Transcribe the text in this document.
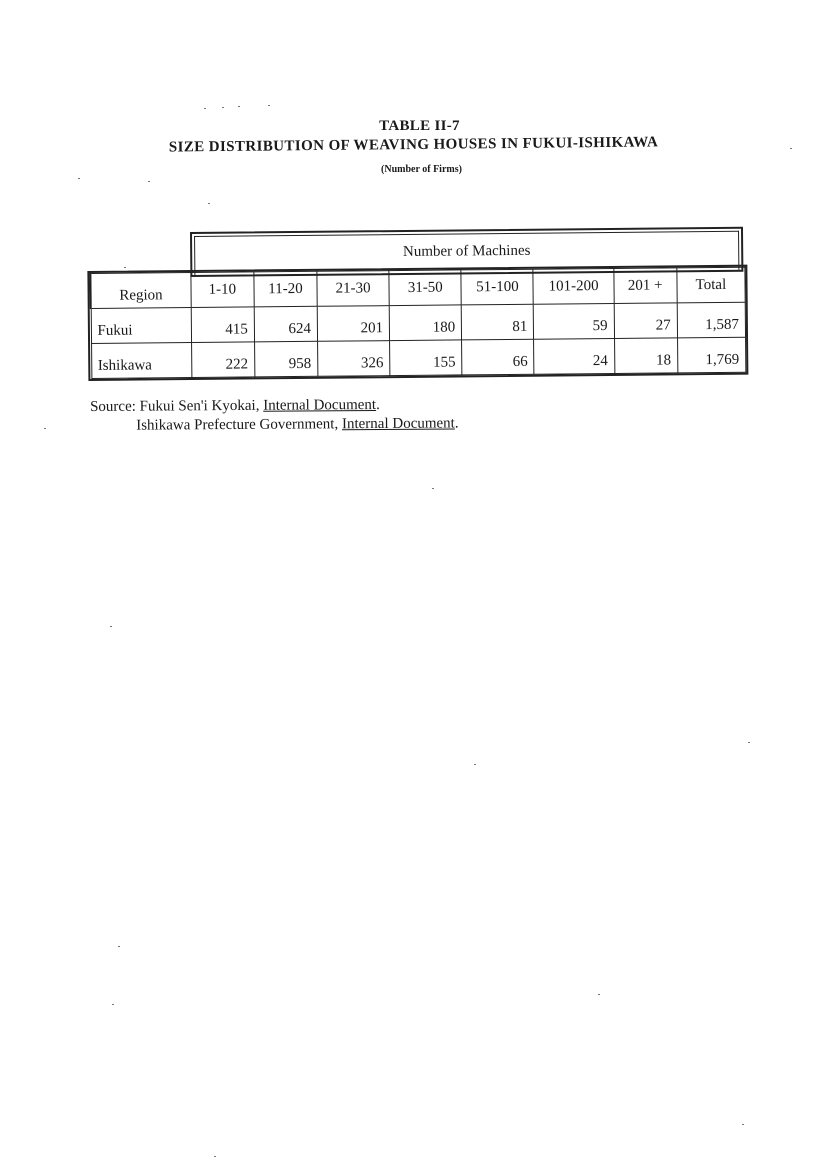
TABLE II-7
SIZE DISTRIBUTION OF WEAVING HOUSES IN FUKUI-ISHIKAWA
(Number of Firms)
Number of Machines
Region	1-10	11-20	21-30	31-50	51-100	101-200	201 +	Total
Fukui	415	624	201	180	81	59	27	1,587
Ishikawa	222	958	326	155	66	24	18	1,769
Source: Fukui Sen'i Kyokai, Internal Document.
Ishikawa Prefecture Government, Internal Document.
